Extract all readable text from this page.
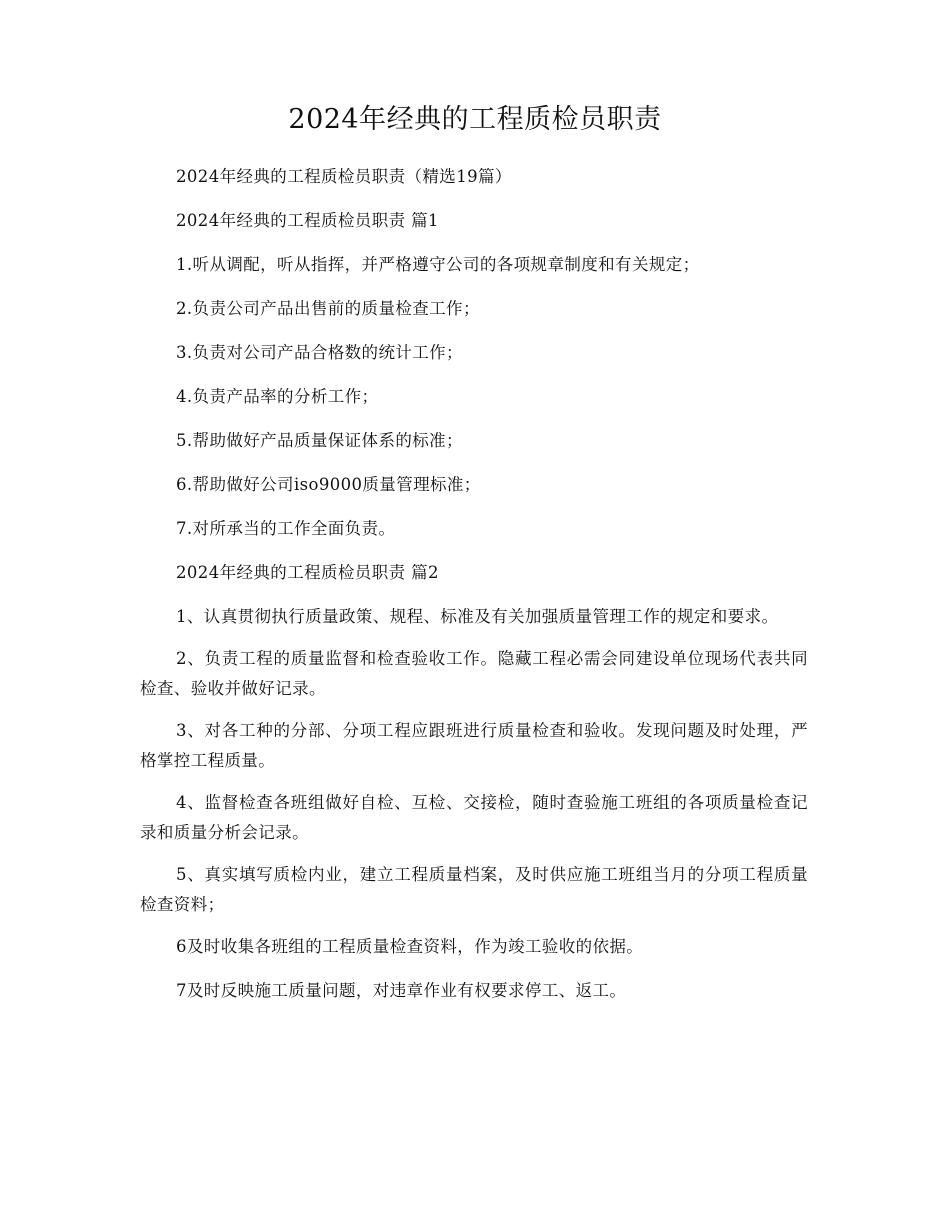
2024年经典的工程质检员职责

2024年经典的工程质检员职责（精选19篇）

2024年经典的工程质检员职责 篇1

1.听从调配，听从指挥，并严格遵守公司的各项规章制度和有关规定；

2.负责公司产品出售前的质量检查工作；

3.负责对公司产品合格数的统计工作；

4.负责产品率的分析工作；

5.帮助做好产品质量保证体系的标准；

6.帮助做好公司iso9000质量管理标准；

7.对所承当的工作全面负责。

2024年经典的工程质检员职责 篇2

1、认真贯彻执行质量政策、规程、标准及有关加强质量管理工作的规定和要求。

2、负责工程的质量监督和检查验收工作。隐藏工程必需会同建设单位现场代表共同检查、验收并做好记录。

3、对各工种的分部、分项工程应跟班进行质量检查和验收。发现问题及时处理，严格掌控工程质量。

4、监督检查各班组做好自检、互检、交接检，随时查验施工班组的各项质量检查记录和质量分析会记录。

5、真实填写质检内业，建立工程质量档案，及时供应施工班组当月的分项工程质量检查资料；

6及时收集各班组的工程质量检查资料，作为竣工验收的依据。

7及时反映施工质量问题，对违章作业有权要求停工、返工。
